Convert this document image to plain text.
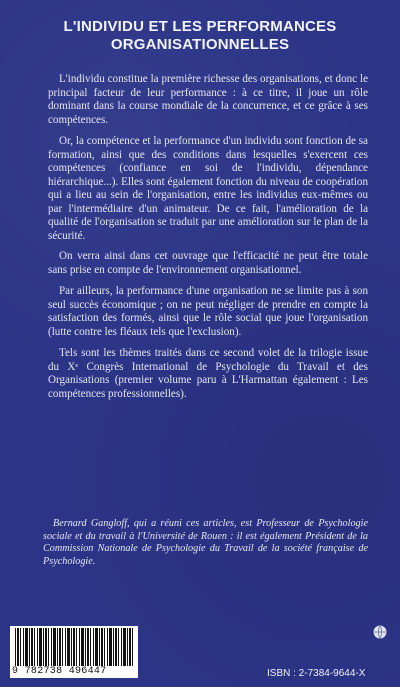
L'INDIVIDU ET LES PERFORMANCES
ORGANISATIONNELLES

L'individu constitue la première richesse des organisations, et donc le principal facteur de leur performance : à ce titre, il joue un rôle dominant dans la course mondiale de la concurrence, et ce grâce à ses compétences.

Or, la compétence et la performance d'un individu sont fonction de sa formation, ainsi que des conditions dans lesquelles s'exercent ces compétences (confiance en soi de l'individu, dépendance hiérarchique...). Elles sont également fonction du niveau de coopération qui a lieu au sein de l'organisation, entre les individus eux-mêmes ou par l'intermédiaire d'un animateur. De ce fait, l'amélioration de la qualité de l'organisation se traduit par une amélioration sur le plan de la sécurité.

On verra ainsi dans cet ouvrage que l'efficacité ne peut être totale sans prise en compte de l'environnement organisationnel.

Par ailleurs, la performance d'une organisation ne se limite pas à son seul succès économique ; on ne peut négliger de prendre en compte la satisfaction des formés, ainsi que le rôle social que joue l'organisation (lutte contre les fléaux tels que l'exclusion).

Tels sont les thèmes traités dans ce second volet de la trilogie issue du Xᵉ Congrès International de Psychologie du Travail et des Organisations (premier volume paru à L'Harmattan également : Les compétences professionnelles).

Bernard Gangloff, qui a réuni ces articles, est Professeur de Psychologie sociale et du travail à l'Université de Rouen : il est également Président de la Commission Nationale de Psychologie du Travail de la société française de Psychologie.
9 782738 496447	ISBN : 2-7384-9644-X
